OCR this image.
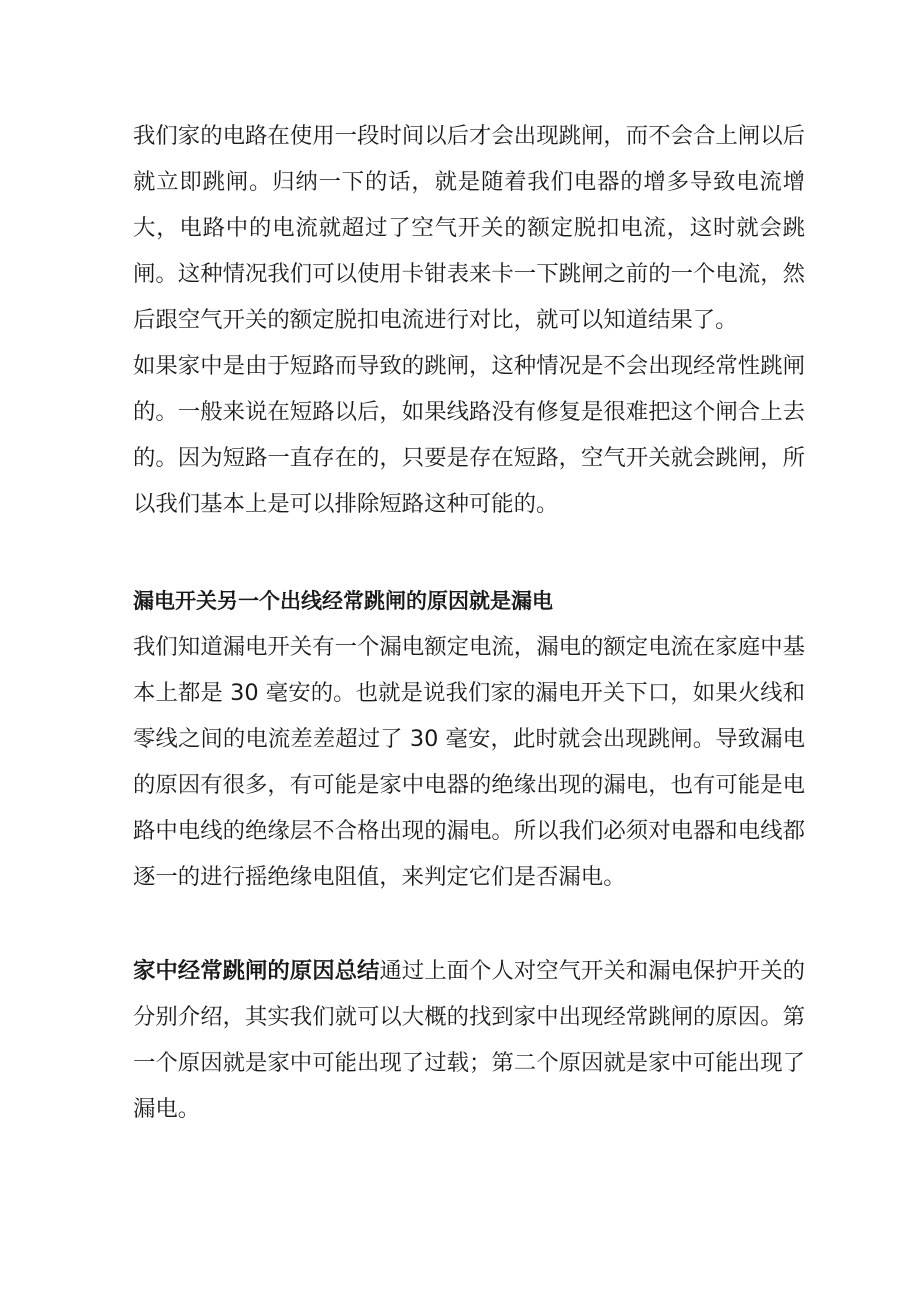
我们家的电路在使用一段时间以后才会出现跳闸，而不会合上闸以后就立即跳闸。归纳一下的话，就是随着我们电器的增多导致电流增大，电路中的电流就超过了空气开关的额定脱扣电流，这时就会跳闸。这种情况我们可以使用卡钳表来卡一下跳闸之前的一个电流，然后跟空气开关的额定脱扣电流进行对比，就可以知道结果了。

如果家中是由于短路而导致的跳闸，这种情况是不会出现经常性跳闸的。一般来说在短路以后，如果线路没有修复是很难把这个闸合上去的。因为短路一直存在的，只要是存在短路，空气开关就会跳闸，所以我们基本上是可以排除短路这种可能的。

漏电开关另一个出线经常跳闸的原因就是漏电

我们知道漏电开关有一个漏电额定电流，漏电的额定电流在家庭中基本上都是 30 毫安的。也就是说我们家的漏电开关下口，如果火线和零线之间的电流差差超过了 30 毫安，此时就会出现跳闸。导致漏电的原因有很多，有可能是家中电器的绝缘出现的漏电，也有可能是电路中电线的绝缘层不合格出现的漏电。所以我们必须对电器和电线都逐一的进行摇绝缘电阻值，来判定它们是否漏电。

家中经常跳闸的原因总结通过上面个人对空气开关和漏电保护开关的分别介绍，其实我们就可以大概的找到家中出现经常跳闸的原因。第一个原因就是家中可能出现了过载；第二个原因就是家中可能出现了漏电。
